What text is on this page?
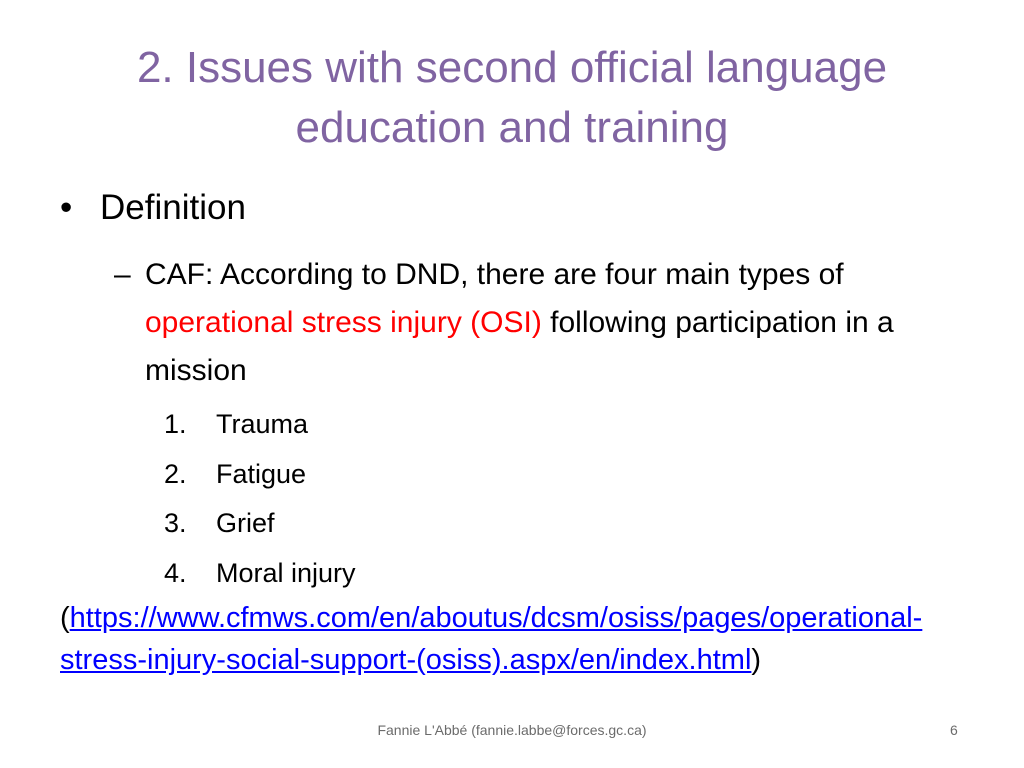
2. Issues with second official language education and training
• Definition
– CAF: According to DND, there are four main types of operational stress injury (OSI) following participation in a mission
1. Trauma
2. Fatigue
3. Grief
4. Moral injury
(https://www.cfmws.com/en/aboutus/dcsm/osiss/pages/operational-stress-injury-social-support-(osiss).aspx/en/index.html)
Fannie L'Abbé (fannie.labbe@forces.gc.ca)	6
